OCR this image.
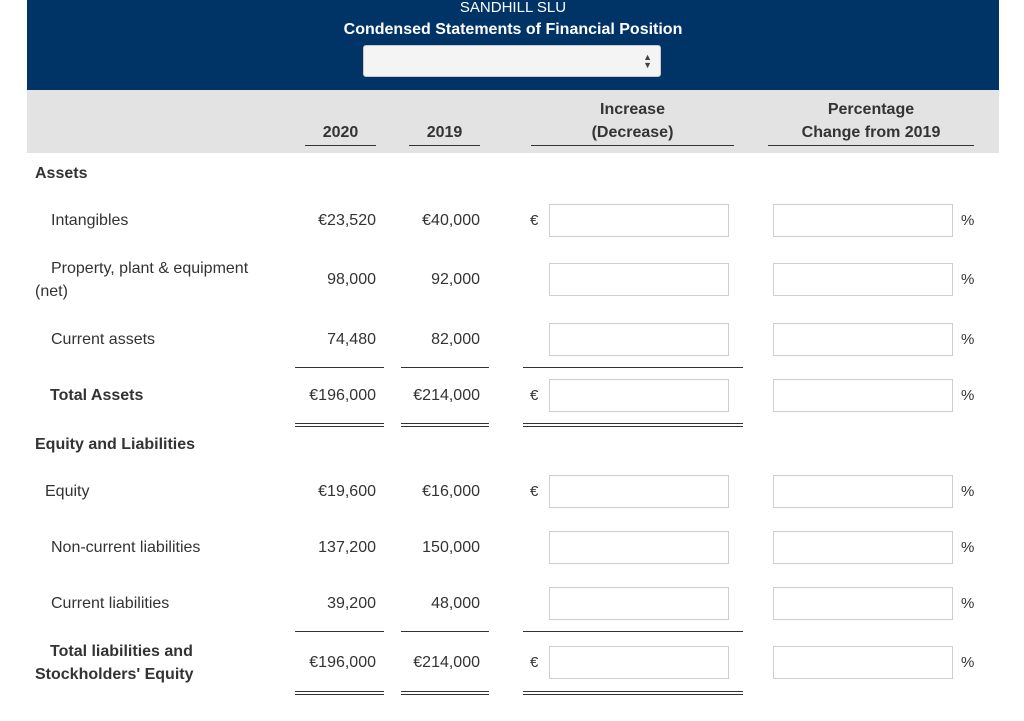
SANDHILL SLU
Condensed Statements of Financial Position
▲
▼
2020	2019
Increase
(Decrease)
Percentage
Change from 2019
Assets
Intangibles	€23,520	€40,000	€	%
Property, plant & equipment
(net)
98,000	92,000	%
Current assets	74,480	82,000	%
Total Assets	€196,000	€214,000	€	%
Equity and Liabilities
Equity	€19,600	€16,000	€	%
Non-current liabilities	137,200	150,000	%
Current liabilities	39,200	48,000	%
Total liabilities and
Stockholders' Equity
€196,000	€214,000	€	%
